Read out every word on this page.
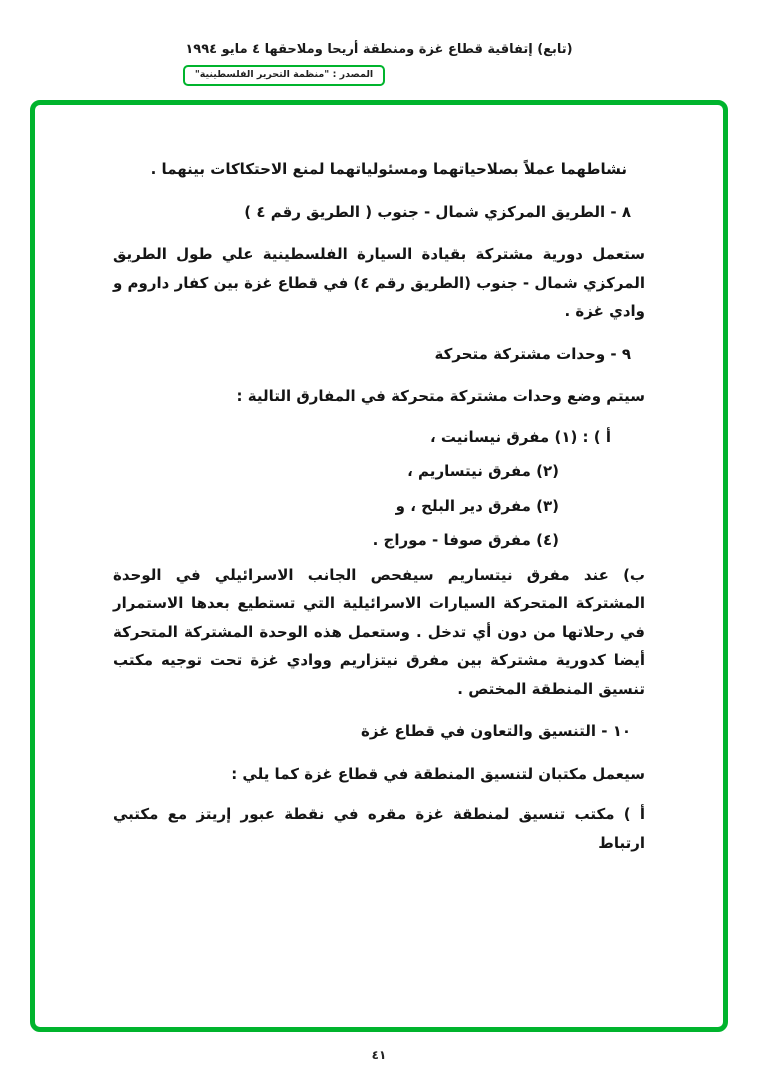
(تابع) إتفاقية قطاع غزة ومنطقة أريحا وملاحقها ٤ مايو ١٩٩٤
المصدر : "منظمة التحرير الفلسطينية"
نشاطهما عملاً بصلاحياتهما ومسئولياتهما لمنع الاحتكاكات بينهما .
٨ - الطريق المركزي شمال - جنوب ( الطريق رقم ٤ )
ستعمل دورية مشتركة بقيادة السيارة الفلسطينية علي طول الطريق المركزي شمال - جنوب (الطريق رقم ٤) في قطاع غزة بين كفار داروم و وادي غزة .
٩ - وحدات مشتركة متحركة
سيتم وضع وحدات مشتركة متحركة في المفارق التالية :
أ ) : (١) مفرق نيسانيت ،
(٢) مفرق نيتساريم ،
(٣) مفرق دير البلح ، و
(٤) مفرق صوفا - موراج .
ب) عند مفرق نيتساريم سيفحص الجانب الاسرائيلي في الوحدة المشتركة المتحركة السيارات الاسرائيلية التي تستطيع بعدها الاستمرار في رحلاتها من دون أي تدخل . وستعمل هذه الوحدة المشتركة المتحركة أيضا كدورية مشتركة بين مفرق نيتزاريم ووادي غزة تحت توجيه مكتب تنسيق المنطقة المختص .
١٠ - التنسيق والتعاون في قطاع غزة
سيعمل مكتبان لتنسيق المنطقة في قطاع غزة كما يلي :
أ ) مكتب تنسيق لمنطقة غزة مقره في نقطة عبور إريتز مع مكتبي ارتباط
٤١
